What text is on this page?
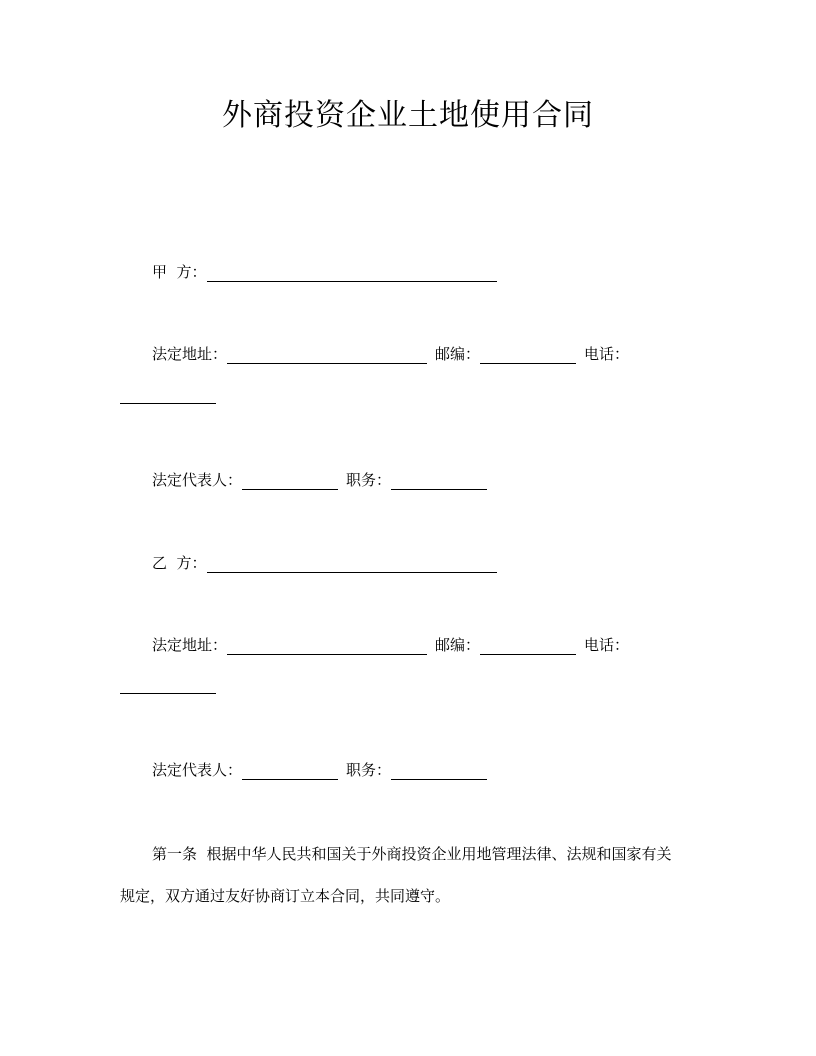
外商投资企业土地使用合同
甲  方：
法定地址：	邮编：	电话：
法定代表人：	职务：
乙  方：
法定地址：	邮编：	电话：
法定代表人：	职务：
第一条  根据中华人民共和国关于外商投资企业用地管理法律、法规和国家有关
规定，双方通过友好协商订立本合同，共同遵守。
